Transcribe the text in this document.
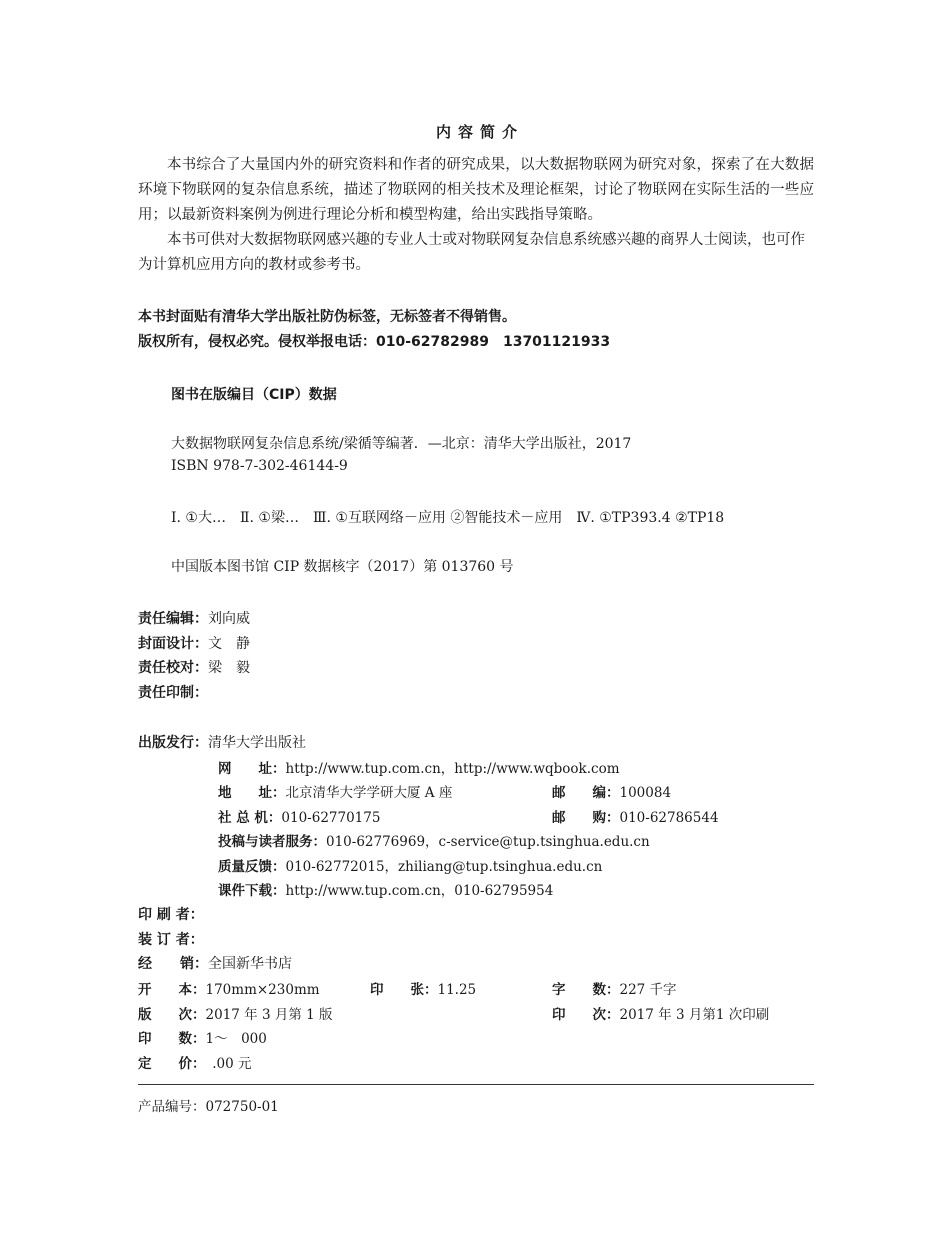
内容简介

本书综合了大量国内外的研究资料和作者的研究成果，以大数据物联网为研究对象，探索了在大数据环境下物联网的复杂信息系统，描述了物联网的相关技术及理论框架，讨论了物联网在实际生活的一些应用；以最新资料案例为例进行理论分析和模型构建，给出实践指导策略。

本书可供对大数据物联网感兴趣的专业人士或对物联网复杂信息系统感兴趣的商界人士阅读，也可作为计算机应用方向的教材或参考书。

本书封面贴有清华大学出版社防伪标签，无标签者不得销售。
版权所有，侵权必究。侵权举报电话：010-62782989　13701121933
图书在版编目（CIP）数据
大数据物联网复杂信息系统/梁循等编著．—北京：清华大学出版社，2017
ISBN 978-7-302-46144-9
Ⅰ. ①大…　Ⅱ. ①梁…　Ⅲ. ①互联网络－应用 ②智能技术－应用　Ⅳ. ①TP393.4 ②TP18
中国版本图书馆 CIP 数据核字（2017）第 013760 号
责任编辑：刘向威
封面设计：文　静
责任校对：梁　毅
责任印制：
出版发行：清华大学出版社
网　　址：http://www.tup.com.cn，http://www.wqbook.com
地　　址：北京清华大学学研大厦 A 座	邮　　编：100084
社 总 机：010-62770175	邮　　购：010-62786544
投稿与读者服务：010-62776969，c-service@tup.tsinghua.edu.cn
质量反馈：010-62772015，zhiliang@tup.tsinghua.edu.cn
课件下载：http://www.tup.com.cn，010-62795954
印 刷 者：
装 订 者：
经　　销：全国新华书店
开　　本：170mm×230mm	印　　张：11.25	字　　数：227 千字
版　　次：2017 年 3 月第 1 版	印　　次：2017 年 3 月第1 次印刷
印　　数：1～　000
定　　价：　.00 元
产品编号：072750-01
